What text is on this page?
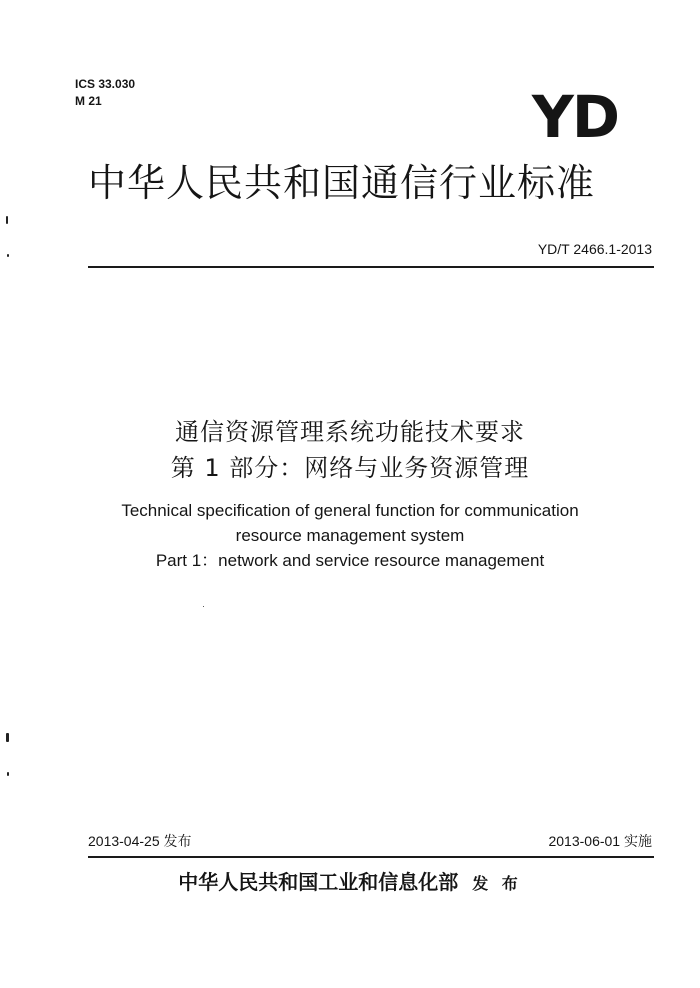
ICS 33.030
M 21	YD
中华人民共和国通信行业标准
YD/T 2466.1-2013
通信资源管理系统功能技术要求
第 1 部分：网络与业务资源管理
Technical specification of general function for communication
resource management system
Part 1：network and service resource management
2013-04-25 发布	2013-06-01 实施
中华人民共和国工业和信息化部 发 布
